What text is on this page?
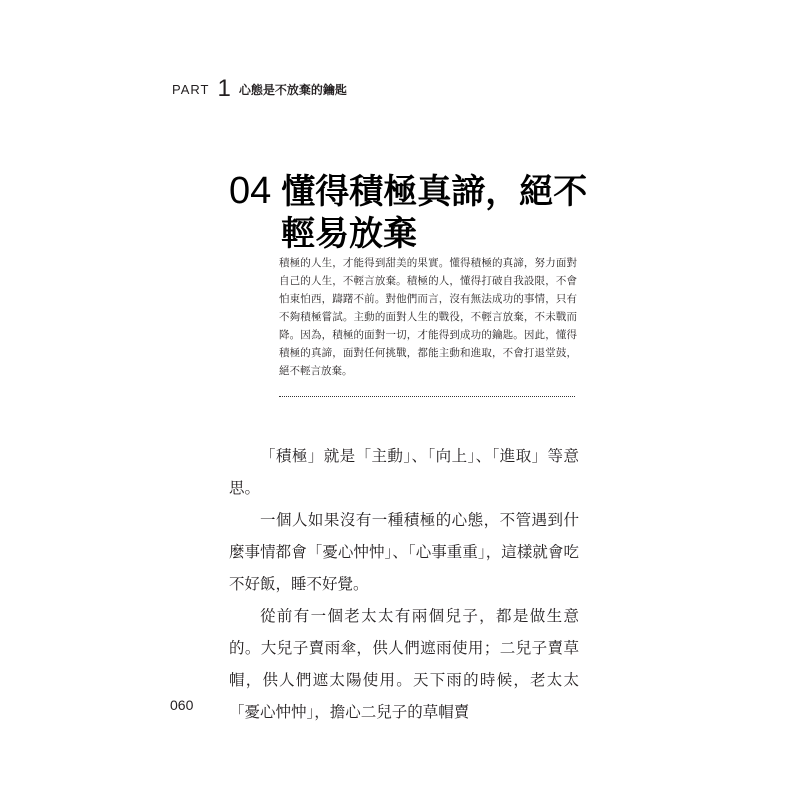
PART 1 心態是不放棄的鑰匙
04 懂得積極真諦，絕不
輕易放棄
積極的人生，才能得到甜美的果實。懂得積極的真諦，努力面對自己的人生，不輕言放棄。積極的人，懂得打破自我設限，不會怕東怕西，躊躇不前。對他們而言，沒有無法成功的事情，只有不夠積極嘗試。主動的面對人生的戰役，不輕言放棄，不未戰而降。因為，積極的面對一切，才能得到成功的鑰匙。因此，懂得積極的真諦，面對任何挑戰，都能主動和進取，不會打退堂鼓，絕不輕言放棄。

「積極」就是「主動」、「向上」、「進取」等意思。

一個人如果沒有一種積極的心態，不管遇到什麼事情都會「憂心忡忡」、「心事重重」，這樣就會吃不好飯，睡不好覺。

從前有一個老太太有兩個兒子，都是做生意的。大兒子賣雨傘，供人們遮雨使用；二兒子賣草帽，供人們遮太陽使用。天下雨的時候，老太太「憂心忡忡」，擔心二兒子的草帽賣

060
